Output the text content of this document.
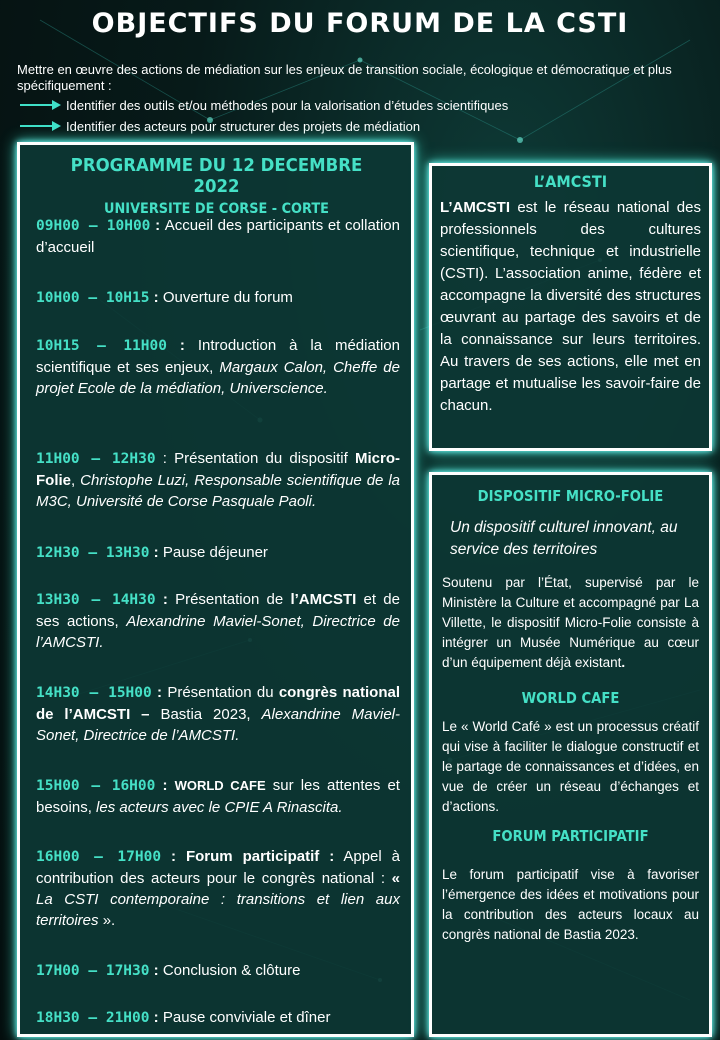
OBJECTIFS DU FORUM DE LA CSTI
Mettre en œuvre des actions de médiation sur les enjeux de transition sociale, écologique et démocratique et plus spécifiquement :
Identifier des outils et/ou méthodes pour la valorisation d’études scientifiques
Identifier des acteurs pour structurer des projets de médiation
PROGRAMME DU 12 DECEMBRE 2022
UNIVERSITE DE CORSE - CORTE
09H00 – 10H00 : Accueil des participants et collation d’accueil
10H00 – 10H15 : Ouverture du forum
10H15 – 11H00 : Introduction à la médiation scientifique et ses enjeux, Margaux Calon, Cheffe de projet Ecole de la médiation, Universcience.
11H00 – 12H30 : Présentation du dispositif Micro-Folie, Christophe Luzi, Responsable scientifique de la M3C, Université de Corse Pasquale Paoli.
12H30 – 13H30 : Pause déjeuner
13H30 – 14H30 : Présentation de l’AMCSTI et de ses actions, Alexandrine Maviel-Sonet, Directrice de l’AMCSTI.
14H30 – 15H00 : Présentation du congrès national de l’AMCSTI – Bastia 2023, Alexandrine Maviel-Sonet, Directrice de l’AMCSTI.
15H00 – 16H00 : WORLD CAFE sur les attentes et besoins, les acteurs avec le CPIE A Rinascita.
16H00 – 17H00 : Forum participatif : Appel à contribution des acteurs pour le congrès national : « La CSTI contemporaine : transitions et lien aux territoires ».
17H00 – 17H30 : Conclusion & clôture
18H30 – 21H00 : Pause conviviale et dîner
L’AMCSTI
L’AMCSTI est le réseau national des professionnels des cultures scientifique, technique et industrielle (CSTI). L’association anime, fédère et accompagne la diversité des structures œuvrant au partage des savoirs et de la connaissance sur leurs territoires. Au travers de ses actions, elle met en partage et mutualise les savoir-faire de chacun.
DISPOSITIF MICRO-FOLIE
Un dispositif culturel innovant, au service des territoires
Soutenu par l’État, supervisé par le Ministère la Culture et accompagné par La Villette, le dispositif Micro-Folie consiste à intégrer un Musée Numérique au cœur d’un équipement déjà existant.
WORLD CAFE
Le « World Café » est un processus créatif qui vise à faciliter le dialogue constructif et le partage de connaissances et d’idées, en vue de créer un réseau d’échanges et d’actions.
FORUM PARTICIPATIF
Le forum participatif vise à favoriser l’émergence des idées et motivations pour la contribution des acteurs locaux au congrès national de Bastia 2023.
